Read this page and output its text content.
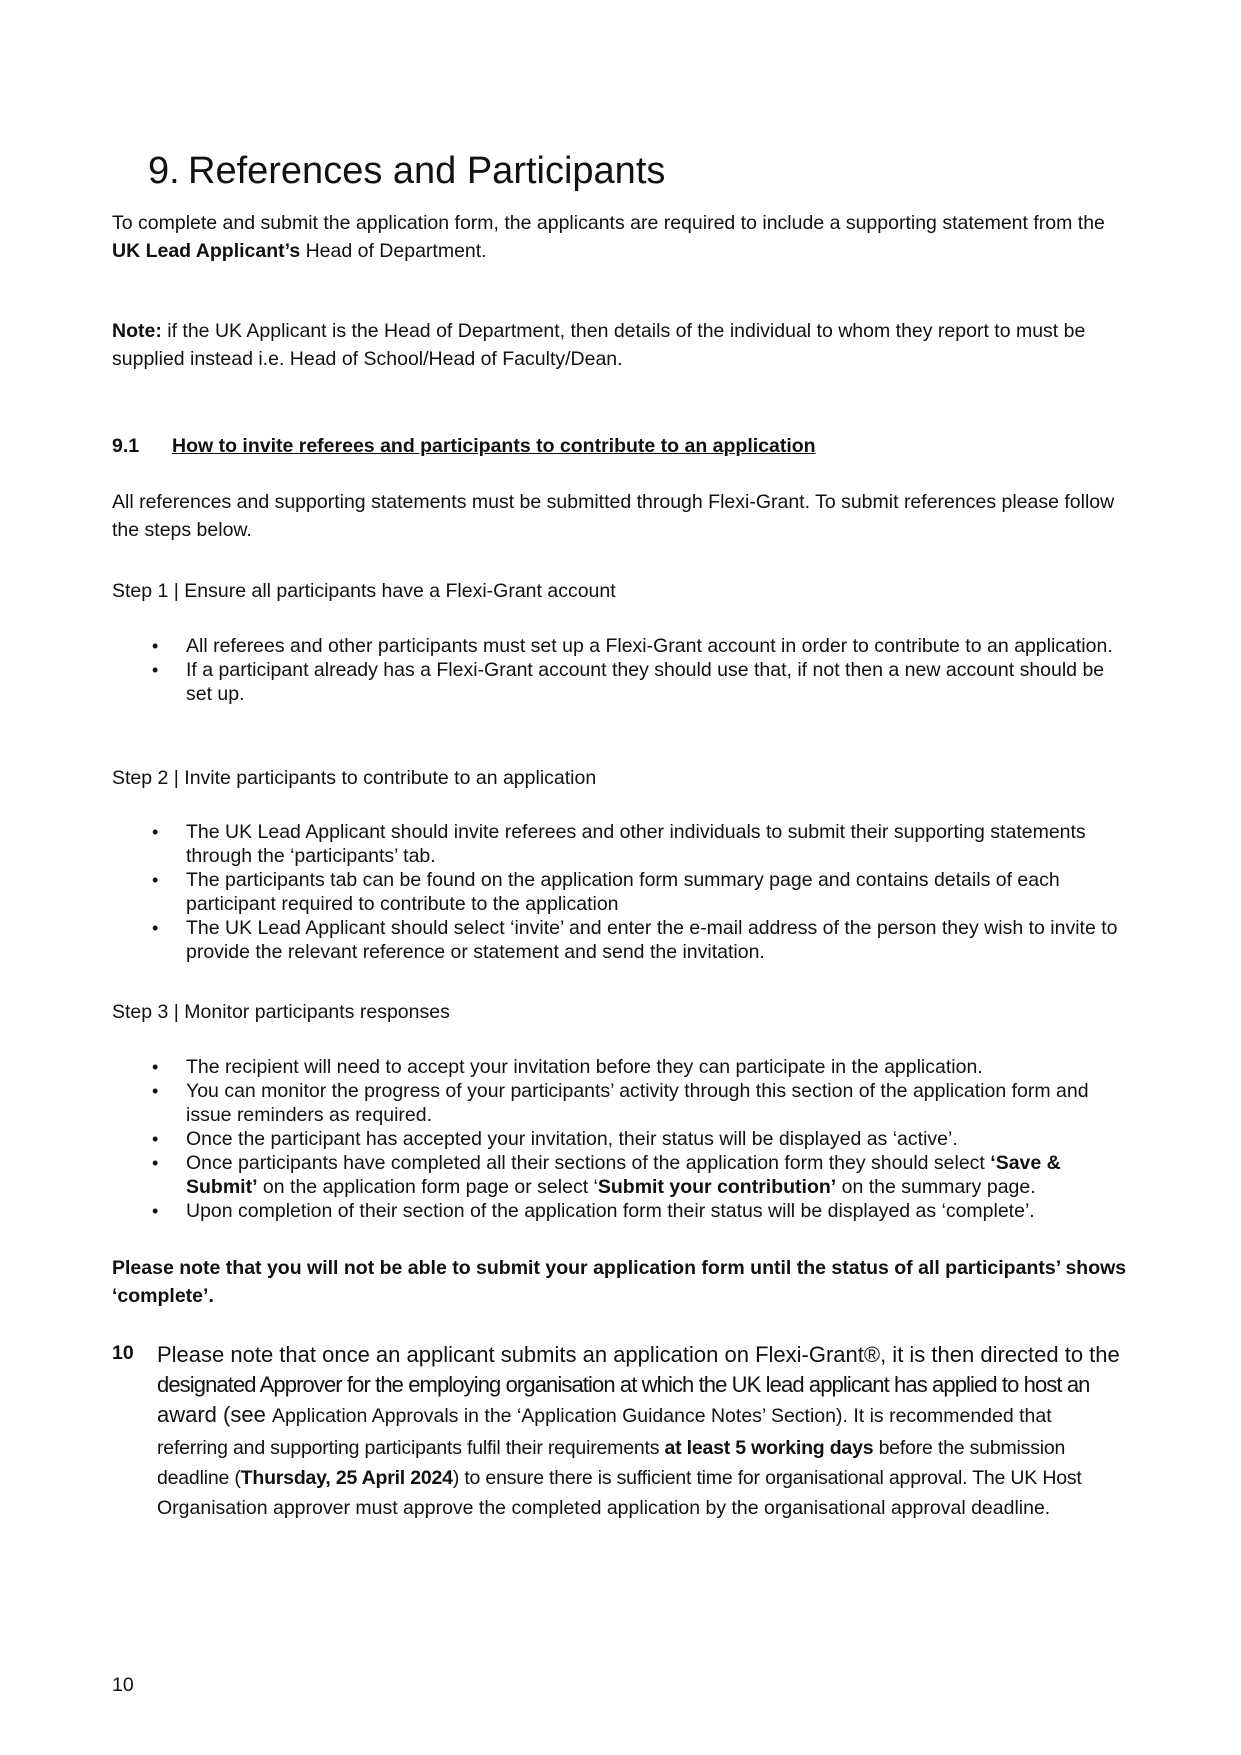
9. References and Participants
To complete and submit the application form, the applicants are required to include a supporting statement from the UK Lead Applicant’s Head of Department.
Note: if the UK Applicant is the Head of Department, then details of the individual to whom they report to must be supplied instead i.e. Head of School/Head of Faculty/Dean.
9.1 How to invite referees and participants to contribute to an application
All references and supporting statements must be submitted through Flexi-Grant. To submit references please follow the steps below.
Step 1 | Ensure all participants have a Flexi-Grant account
• All referees and other participants must set up a Flexi-Grant account in order to contribute to an application.
• If a participant already has a Flexi-Grant account they should use that, if not then a new account should be set up.
Step 2 | Invite participants to contribute to an application
• The UK Lead Applicant should invite referees and other individuals to submit their supporting statements through the ‘participants’ tab.
• The participants tab can be found on the application form summary page and contains details of each participant required to contribute to the application
• The UK Lead Applicant should select ‘invite’ and enter the e-mail address of the person they wish to invite to provide the relevant reference or statement and send the invitation.
Step 3 | Monitor participants responses
• The recipient will need to accept your invitation before they can participate in the application.
• You can monitor the progress of your participants’ activity through this section of the application form and issue reminders as required.
• Once the participant has accepted your invitation, their status will be displayed as ‘active’.
• Once participants have completed all their sections of the application form they should select ‘Save & Submit’ on the application form page or select ‘Submit your contribution’ on the summary page.
• Upon completion of their section of the application form their status will be displayed as ‘complete’.
Please note that you will not be able to submit your application form until the status of all participants’ shows ‘complete’.
10 Please note that once an applicant submits an application on Flexi-Grant®, it is then directed to the
designated Approver for the employing organisation at which the UK lead applicant has applied to host an
award (see Application Approvals in the ‘Application Guidance Notes’ Section). It is recommended that
referring and supporting participants fulfil their requirements at least 5 working days before the submission
deadline (Thursday, 25 April 2024) to ensure there is sufficient time for organisational approval. The UK Host
Organisation approver must approve the completed application by the organisational approval deadline.
10
